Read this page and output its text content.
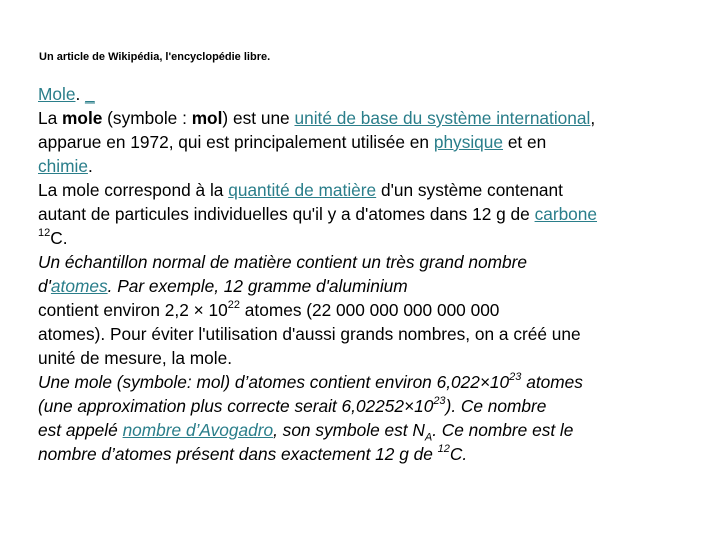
Un article de Wikipédia, l'encyclopédie libre.
Mole. _
La mole (symbole : mol) est une unité de base du système international,
apparue en 1972, qui est principalement utilisée en physique et en
chimie.
La mole correspond à la quantité de matière d'un système contenant
autant de particules individuelles qu'il y a d'atomes dans 12 g de carbone
$^{12}$C.
Un échantillon normal de matière contient un très grand nombre
d'atomes. Par exemple, 12 gramme d'aluminium
contient environ $2,2 \times 10^{22}$ atomes (22 000 000 000 000 000
atomes). Pour éviter l'utilisation d'aussi grands nombres, on a créé une
unité de mesure, la mole.
Une mole (symbole: mol) d’atomes contient environ $6,022\times 10^{23}$ atomes
(une approximation plus correcte serait $6,02252\times 10^{23}$). Ce nombre
est appelé nombre d’Avogadro, son symbole est $N_A$. Ce nombre est le
nombre d’atomes présent dans exactement 12 g de $^{12}$C.
